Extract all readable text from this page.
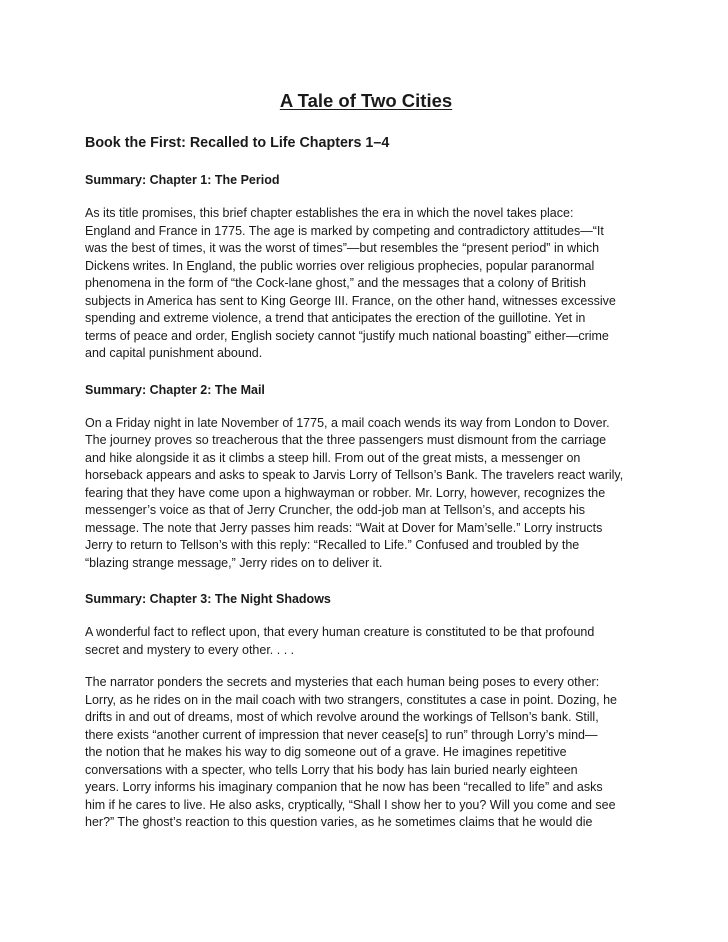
A Tale of Two Cities
Book the First: Recalled to Life Chapters 1–4
Summary: Chapter 1: The Period
As its title promises, this brief chapter establishes the era in which the novel takes place:
England and France in 1775. The age is marked by competing and contradictory attitudes—“It
was the best of times, it was the worst of times”—but resembles the “present period” in which
Dickens writes. In England, the public worries over religious prophecies, popular paranormal
phenomena in the form of “the Cock-lane ghost,” and the messages that a colony of British
subjects in America has sent to King George III. France, on the other hand, witnesses excessive
spending and extreme violence, a trend that anticipates the erection of the guillotine. Yet in
terms of peace and order, English society cannot “justify much national boasting” either—crime
and capital punishment abound.
Summary: Chapter 2: The Mail
On a Friday night in late November of 1775, a mail coach wends its way from London to Dover.
The journey proves so treacherous that the three passengers must dismount from the carriage
and hike alongside it as it climbs a steep hill. From out of the great mists, a messenger on
horseback appears and asks to speak to Jarvis Lorry of Tellson’s Bank. The travelers react warily,
fearing that they have come upon a highwayman or robber. Mr. Lorry, however, recognizes the
messenger’s voice as that of Jerry Cruncher, the odd-job man at Tellson’s, and accepts his
message. The note that Jerry passes him reads: “Wait at Dover for Mam’selle.” Lorry instructs
Jerry to return to Tellson’s with this reply: “Recalled to Life.” Confused and troubled by the
“blazing strange message,” Jerry rides on to deliver it.
Summary: Chapter 3: The Night Shadows
A wonderful fact to reflect upon, that every human creature is constituted to be that profound
secret and mystery to every other. . . .
The narrator ponders the secrets and mysteries that each human being poses to every other:
Lorry, as he rides on in the mail coach with two strangers, constitutes a case in point. Dozing, he
drifts in and out of dreams, most of which revolve around the workings of Tellson’s bank. Still,
there exists “another current of impression that never cease[s] to run” through Lorry’s mind—
the notion that he makes his way to dig someone out of a grave. He imagines repetitive
conversations with a specter, who tells Lorry that his body has lain buried nearly eighteen
years. Lorry informs his imaginary companion that he now has been “recalled to life” and asks
him if he cares to live. He also asks, cryptically, “Shall I show her to you? Will you come and see
her?” The ghost’s reaction to this question varies, as he sometimes claims that he would die
